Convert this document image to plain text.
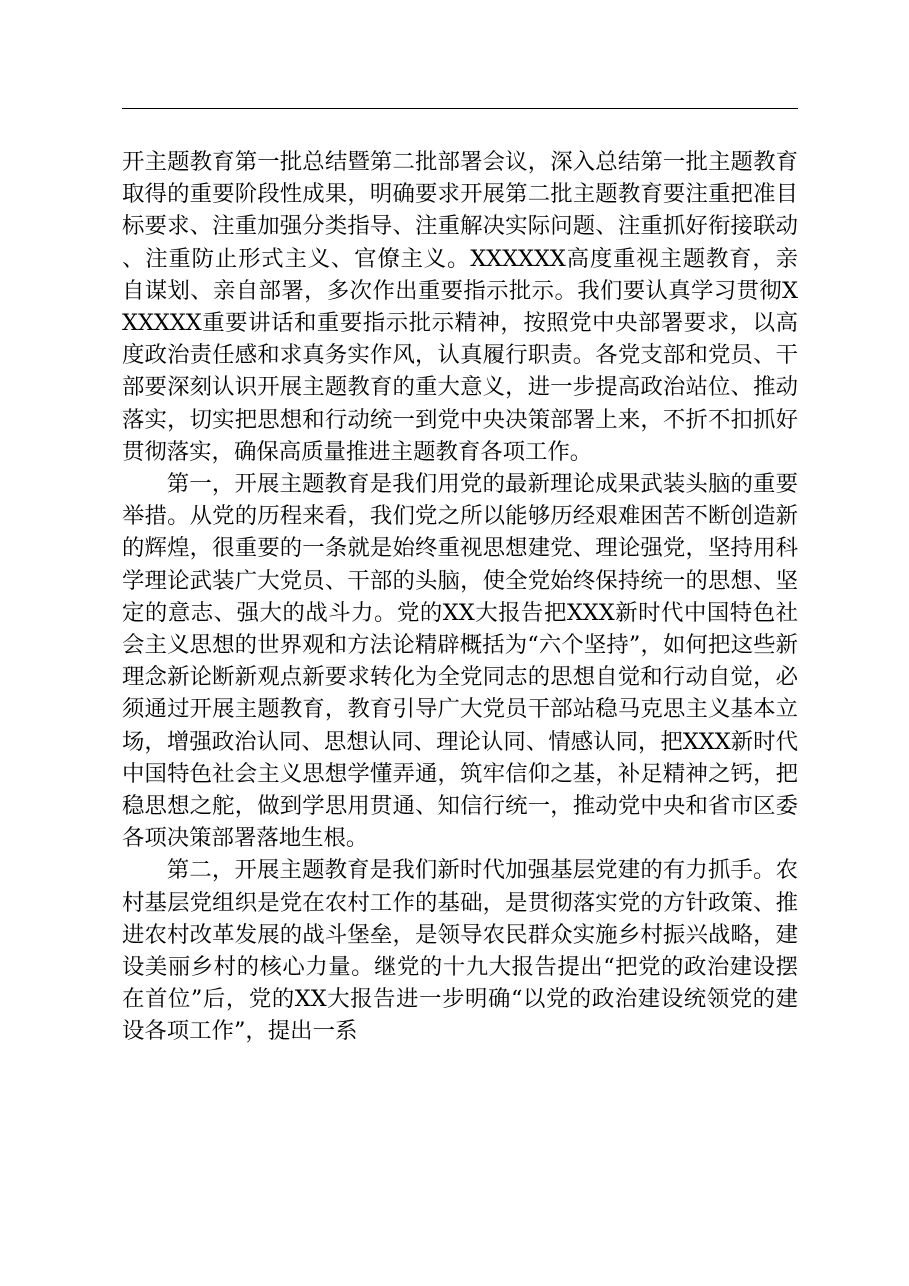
开主题教育第一批总结暨第二批部署会议，深入总结第一批主题教育取得的重要阶段性成果，明确要求开展第二批主题教育要注重把准目标要求、注重加强分类指导、注重解决实际问题、注重抓好衔接联动、注重防止形式主义、官僚主义。XXXXXX高度重视主题教育，亲自谋划、亲自部署，多次作出重要指示批示。我们要认真学习贯彻XXXXXX重要讲话和重要指示批示精神，按照党中央部署要求，以高度政治责任感和求真务实作风，认真履行职责。各党支部和党员、干部要深刻认识开展主题教育的重大意义，进一步提高政治站位、推动落实，切实把思想和行动统一到党中央决策部署上来，不折不扣抓好贯彻落实，确保高质量推进主题教育各项工作。

第一，开展主题教育是我们用党的最新理论成果武装头脑的重要举措。从党的历程来看，我们党之所以能够历经艰难困苦不断创造新的辉煌，很重要的一条就是始终重视思想建党、理论强党，坚持用科学理论武装广大党员、干部的头脑，使全党始终保持统一的思想、坚定的意志、强大的战斗力。党的XX大报告把XXX新时代中国特色社会主义思想的世界观和方法论精辟概括为“六个坚持”，如何把这些新理念新论断新观点新要求转化为全党同志的思想自觉和行动自觉，必须通过开展主题教育，教育引导广大党员干部站稳马克思主义基本立场，增强政治认同、思想认同、理论认同、情感认同，把XXX新时代中国特色社会主义思想学懂弄通，筑牢信仰之基，补足精神之钙，把稳思想之舵，做到学思用贯通、知信行统一，推动党中央和省市区委各项决策部署落地生根。

第二，开展主题教育是我们新时代加强基层党建的有力抓手。农村基层党组织是党在农村工作的基础，是贯彻落实党的方针政策、推进农村改革发展的战斗堡垒，是领导农民群众实施乡村振兴战略，建设美丽乡村的核心力量。继党的十九大报告提出“把党的政治建设摆在首位”后，党的XX大报告进一步明确“以党的政治建设统领党的建设各项工作”，提出一系
